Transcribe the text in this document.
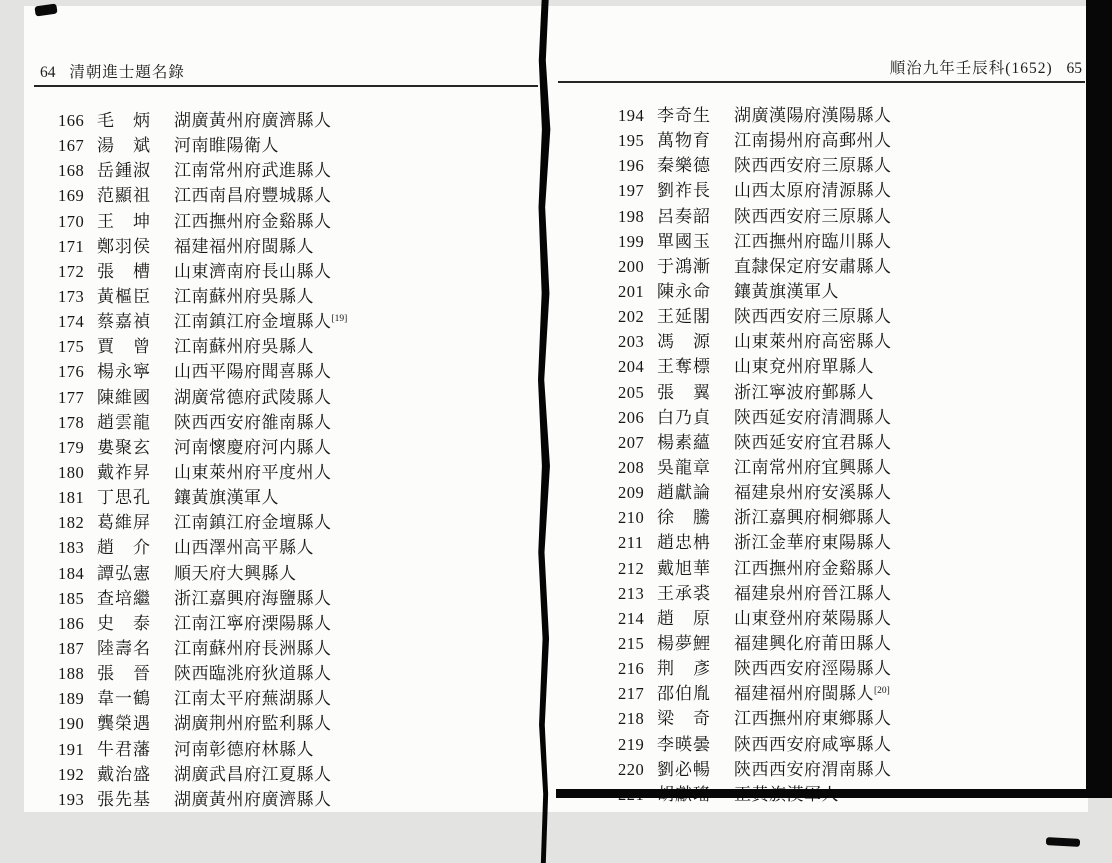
64 清朝進士題名錄
166 毛　炳	湖廣黃州府廣濟縣人
167 湯　斌	河南睢陽衛人
168 岳鍾淑	江南常州府武進縣人
169 范顯祖	江西南昌府豐城縣人
170 王　坤	江西撫州府金谿縣人
171 鄭羽侯	福建福州府閩縣人
172 張　槽	山東濟南府長山縣人
173 黃樞臣	江南蘇州府吳縣人
174 蔡嘉禎	江南鎮江府金壇縣人[19]
175 賈　曾	江南蘇州府吳縣人
176 楊永寧	山西平陽府聞喜縣人
177 陳維國	湖廣常德府武陵縣人
178 趙雲龍	陝西西安府雒南縣人
179 婁聚玄	河南懷慶府河内縣人
180 戴祚昇	山東萊州府平度州人
181 丁思孔	鑲黃旗漢軍人
182 葛維屏	江南鎮江府金壇縣人
183 趙　介	山西澤州高平縣人
184 譚弘憲	順天府大興縣人
185 查培繼	浙江嘉興府海鹽縣人
186 史　泰	江南江寧府溧陽縣人
187 陸壽名	江南蘇州府長洲縣人
188 張　晉	陝西臨洮府狄道縣人
189 韋一鶴	江南太平府蕪湖縣人
190 龔榮遇	湖廣荆州府監利縣人
191 牛君藩	河南彰德府林縣人
192 戴治盛	湖廣武昌府江夏縣人
193 張先基	湖廣黃州府廣濟縣人
順治九年壬辰科(1652) 65
194 李奇生	湖廣漢陽府漢陽縣人
195 萬物育	江南揚州府高郵州人
196 秦樂德	陝西西安府三原縣人
197 劉祚長	山西太原府清源縣人
198 呂奏韶	陝西西安府三原縣人
199 單國玉	江西撫州府臨川縣人
200 于鴻漸	直隸保定府安肅縣人
201 陳永命	鑲黃旗漢軍人
202 王延閣	陝西西安府三原縣人
203 馮　源	山東萊州府高密縣人
204 王奪標	山東兗州府單縣人
205 張　翼	浙江寧波府鄞縣人
206 白乃貞	陝西延安府清澗縣人
207 楊素蘊	陝西延安府宜君縣人
208 吳龍章	江南常州府宜興縣人
209 趙獻論	福建泉州府安溪縣人
210 徐　騰	浙江嘉興府桐鄉縣人
211 趙忠柟	浙江金華府東陽縣人
212 戴旭華	江西撫州府金谿縣人
213 王承裘	福建泉州府晉江縣人
214 趙　原	山東登州府萊陽縣人
215 楊夢鯉	福建興化府莆田縣人
216 荆　彥	陝西西安府涇陽縣人
217 邵伯胤	福建福州府閩縣人[20]
218 梁　奇	江西撫州府東鄉縣人
219 李暎曇	陝西西安府咸寧縣人
220 劉必暢	陝西西安府渭南縣人
